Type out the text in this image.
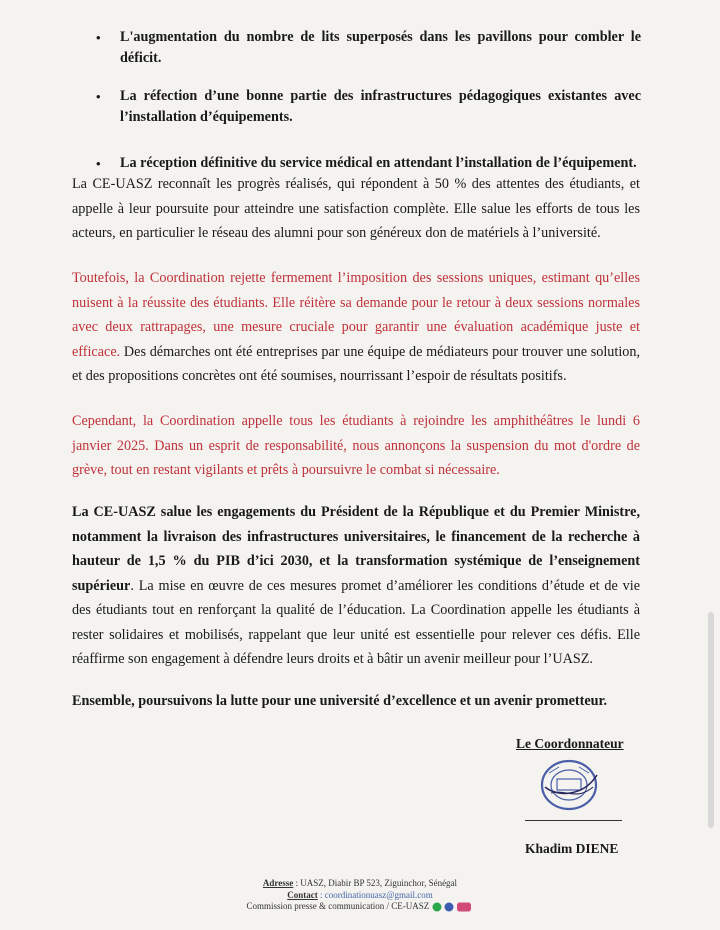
• L'augmentation du nombre de lits superposés dans les pavillons pour combler le déficit.
• La réfection d’une bonne partie des infrastructures pédagogiques existantes avec l’installation d’équipements.
• La réception définitive du service médical en attendant l’installation de l’équipement.

La CE-UASZ reconnaît les progrès réalisés, qui répondent à 50 % des attentes des étudiants, et appelle à leur poursuite pour atteindre une satisfaction complète. Elle salue les efforts de tous les acteurs, en particulier le réseau des alumni pour son généreux don de matériels à l’université.

Toutefois, la Coordination rejette fermement l’imposition des sessions uniques, estimant qu’elles nuisent à la réussite des étudiants. Elle réitère sa demande pour le retour à deux sessions normales avec deux rattrapages, une mesure cruciale pour garantir une évaluation académique juste et efficace. Des démarches ont été entreprises par une équipe de médiateurs pour trouver une solution, et des propositions concrètes ont été soumises, nourrissant l’espoir de résultats positifs.

Cependant, la Coordination appelle tous les étudiants à rejoindre les amphithéâtres le lundi 6 janvier 2025. Dans un esprit de responsabilité, nous annonçons la suspension du mot d'ordre de grève, tout en restant vigilants et prêts à poursuivre le combat si nécessaire.

La CE-UASZ salue les engagements du Président de la République et du Premier Ministre, notamment la livraison des infrastructures universitaires, le financement de la recherche à hauteur de 1,5 % du PIB d’ici 2030, et la transformation systémique de l’enseignement supérieur. La mise en œuvre de ces mesures promet d’améliorer les conditions d’étude et de vie des étudiants tout en renforçant la qualité de l’éducation. La Coordination appelle les étudiants à rester solidaires et mobilisés, rappelant que leur unité est essentielle pour relever ces défis. Elle réaffirme son engagement à défendre leurs droits et à bâtir un avenir meilleur pour l’UASZ.

Ensemble, poursuivons la lutte pour une université d’excellence et un avenir prometteur.
Le Coordonnateur
Khadim DIENE
Adresse : UASZ, Diabir BP 523, Ziguinchor, Sénégal
Contact : coordinationuasz@gmail.com
Commission presse & communication / CE-UASZ
